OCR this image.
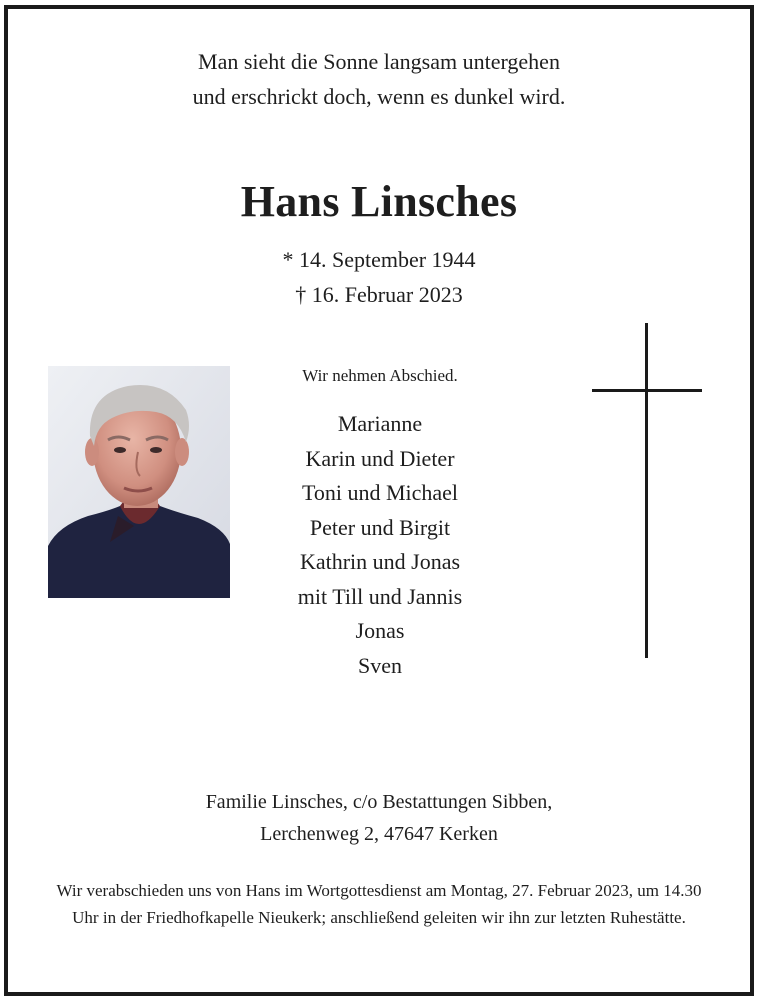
Man sieht die Sonne langsam untergehen
und erschrickt doch, wenn es dunkel wird.
Hans Linsches
* 14. September 1944
† 16. Februar 2023
Wir nehmen Abschied.
Marianne
Karin und Dieter
Toni und Michael
Peter und Birgit
Kathrin und Jonas
mit Till und Jannis
Jonas
Sven
Familie Linsches, c/o Bestattungen Sibben,
Lerchenweg 2, 47647 Kerken
Wir verabschieden uns von Hans im Wortgottesdienst am Montag, 27. Februar 2023, um 14.30 Uhr in der Friedhofkapelle Nieukerk; anschließend geleiten wir ihn zur letzten Ruhestätte.
